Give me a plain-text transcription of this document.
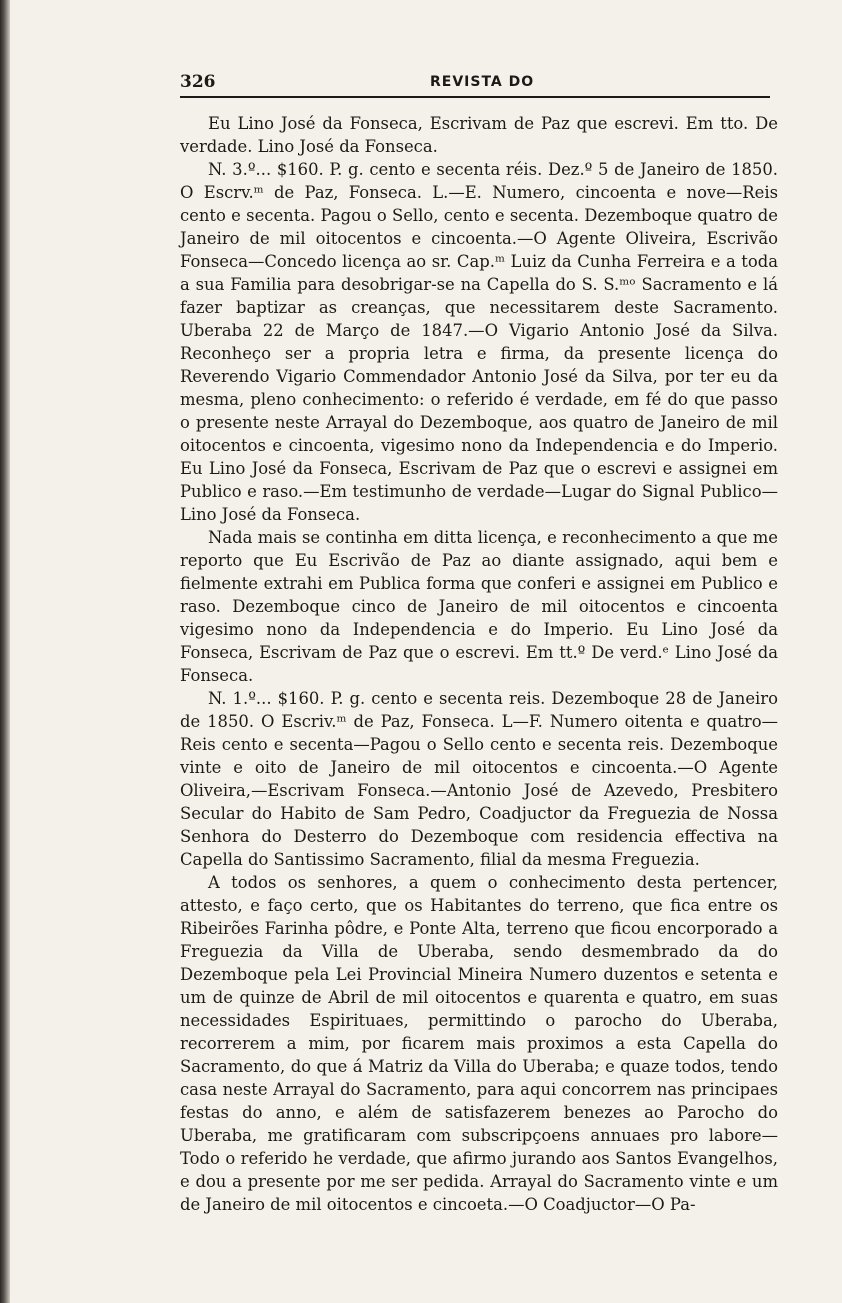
326	REVISTA DO

Eu Lino José da Fonseca, Escrivam de Paz que escrevi. Em tto. De verdade. Lino José da Fonseca.

N. 3.º... $160. P. g. cento e secenta réis. Dez.º 5 de Janeiro de 1850. O Escrv.ᵐ de Paz, Fonseca. L.—E. Numero, cincoenta e nove—Reis cento e secenta. Pagou o Sello, cento e secenta. Dezemboque quatro de Janeiro de mil oitocentos e cincoenta.—O Agente Oliveira, Escrivão Fonseca—Concedo licença ao sr. Cap.ᵐ Luiz da Cunha Ferreira e a toda a sua Familia para desobrigar-se na Capella do S. S.ᵐᵒ Sacramento e lá fazer baptizar as creanças, que necessitarem deste Sacramento. Uberaba 22 de Março de 1847.—O Vigario Antonio José da Silva. Reconheço ser a propria letra e firma, da presente licença do Reverendo Vigario Commendador Antonio José da Silva, por ter eu da mesma, pleno conhecimento: o referido é verdade, em fé do que passo o presente neste Arrayal do Dezemboque, aos quatro de Janeiro de mil oitocentos e cincoenta, vigesimo nono da Independencia e do Imperio. Eu Lino José da Fonseca, Escrivam de Paz que o escrevi e assignei em Publico e raso.—Em testimunho de verdade—Lugar do Signal Publico—Lino José da Fonseca.

Nada mais se continha em ditta licença, e reconhecimento a que me reporto que Eu Escrivão de Paz ao diante assignado, aqui bem e fielmente extrahi em Publica forma que conferi e assignei em Publico e raso. Dezemboque cinco de Janeiro de mil oitocentos e cincoenta vigesimo nono da Independencia e do Imperio. Eu Lino José da Fonseca, Escrivam de Paz que o escrevi. Em tt.º De verd.ᵉ Lino José da Fonseca.

N. 1.º... $160. P. g. cento e secenta reis. Dezemboque 28 de Janeiro de 1850. O Escriv.ᵐ de Paz, Fonseca. L—F. Numero oitenta e quatro—Reis cento e secenta—Pagou o Sello cento e secenta reis. Dezemboque vinte e oito de Janeiro de mil oitocentos e cincoenta.—O Agente Oliveira,—Escrivam Fonseca.—Antonio José de Azevedo, Presbitero Secular do Habito de Sam Pedro, Coadjuctor da Freguezia de Nossa Senhora do Desterro do Dezemboque com residencia effectiva na Capella do Santissimo Sacramento, filial da mesma Freguezia.

A todos os senhores, a quem o conhecimento desta pertencer, attesto, e faço certo, que os Habitantes do terreno, que fica entre os Ribeirões Farinha pôdre, e Ponte Alta, terreno que ficou encorporado a Freguezia da Villa de Uberaba, sendo desmembrado da do Dezemboque pela Lei Provincial Mineira Numero duzentos e setenta e um de quinze de Abril de mil oitocentos e quarenta e quatro, em suas necessidades Espirituaes, permittindo o parocho do Uberaba, recorrerem a mim, por ficarem mais proximos a esta Capella do Sacramento, do que á Matriz da Villa do Uberaba; e quaze todos, tendo casa neste Arrayal do Sacramento, para aqui concorrem nas principaes festas do anno, e além de satisfazerem benezes ao Parocho do Uberaba, me gratificaram com subscripçoens annuaes pro labore—Todo o referido he verdade, que afirmo jurando aos Santos Evangelhos, e dou a presente por me ser pedida. Arrayal do Sacramento vinte e um de Janeiro de mil oitocentos e cincoeta.—O Coadjuctor—O Pa-
